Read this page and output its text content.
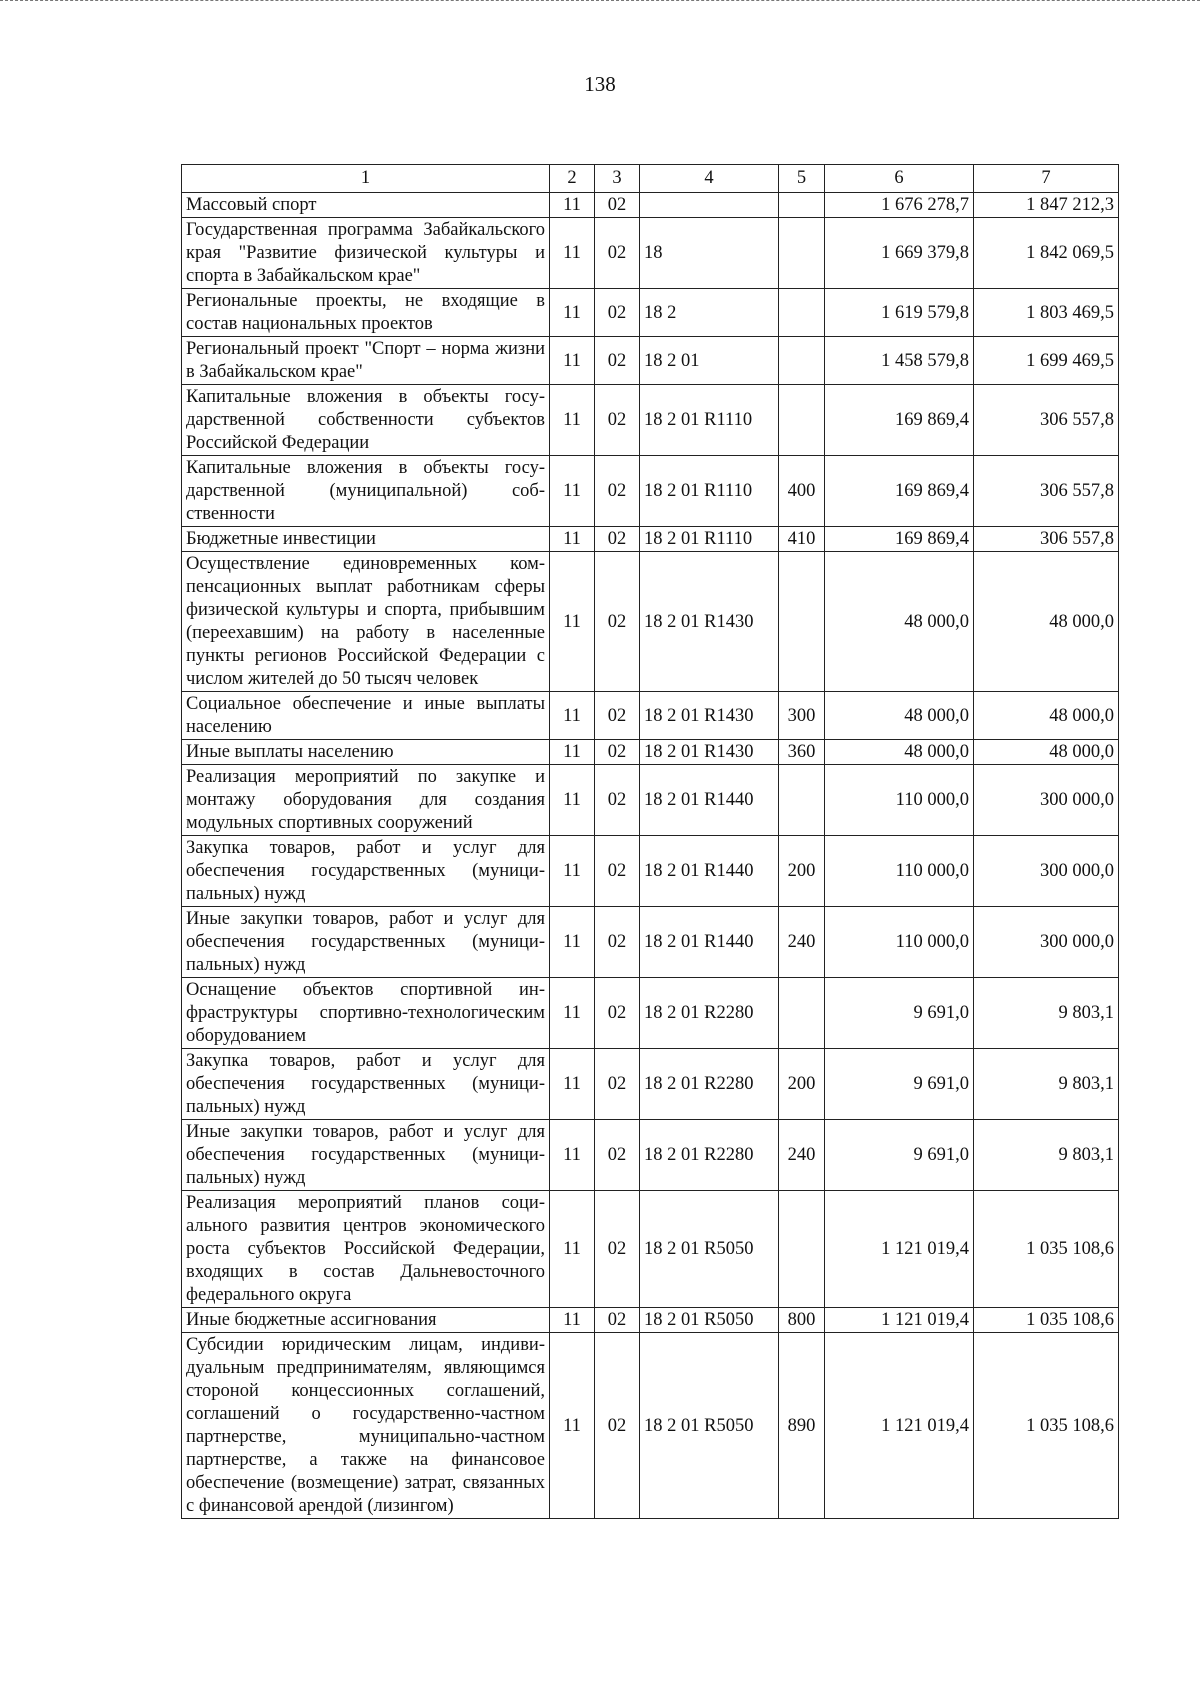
138
1	2	3	4	5	6	7
Массовый спорт	11	02			1 676 278,7	1 847 212,3
Государственная программа Забайкальского края "Развитие физической культуры и спорта в Забайкальском крае"	11	02	18		1 669 379,8	1 842 069,5
Региональные проекты, не входящие в состав национальных проектов	11	02	18 2		1 619 579,8	1 803 469,5
Региональный проект "Спорт – норма жизни в Забайкальском крае"	11	02	18 2 01		1 458 579,8	1 699 469,5
Капитальные вложения в объекты государственной собственности субъектов Российской Федерации	11	02	18 2 01 R1110		169 869,4	306 557,8
Капитальные вложения в объекты государственной (муниципальной) собственности	11	02	18 2 01 R1110	400	169 869,4	306 557,8
Бюджетные инвестиции	11	02	18 2 01 R1110	410	169 869,4	306 557,8
Осуществление единовременных компенсационных выплат работникам сферы физической культуры и спорта, прибывшим (переехавшим) на работу в населенные пункты регионов Российской Федерации с числом жителей до 50 тысяч человек	11	02	18 2 01 R1430		48 000,0	48 000,0
Социальное обеспечение и иные выплаты населению	11	02	18 2 01 R1430	300	48 000,0	48 000,0
Иные выплаты населению	11	02	18 2 01 R1430	360	48 000,0	48 000,0
Реализация мероприятий по закупке и монтажу оборудования для создания модульных спортивных сооружений	11	02	18 2 01 R1440		110 000,0	300 000,0
Закупка товаров, работ и услуг для обеспечения государственных (муниципальных) нужд	11	02	18 2 01 R1440	200	110 000,0	300 000,0
Иные закупки товаров, работ и услуг для обеспечения государственных (муниципальных) нужд	11	02	18 2 01 R1440	240	110 000,0	300 000,0
Оснащение объектов спортивной инфраструктуры спортивно-технологическим оборудованием	11	02	18 2 01 R2280		9 691,0	9 803,1
Закупка товаров, работ и услуг для обеспечения государственных (муниципальных) нужд	11	02	18 2 01 R2280	200	9 691,0	9 803,1
Иные закупки товаров, работ и услуг для обеспечения государственных (муниципальных) нужд	11	02	18 2 01 R2280	240	9 691,0	9 803,1
Реализация мероприятий планов социального развития центров экономического роста субъектов Российской Федерации, входящих в состав Дальневосточного федерального округа	11	02	18 2 01 R5050		1 121 019,4	1 035 108,6
Иные бюджетные ассигнования	11	02	18 2 01 R5050	800	1 121 019,4	1 035 108,6
Субсидии юридическим лицам, индивидуальным предпринимателям, являющимся стороной концессионных соглашений, соглашений о государственно-частном партнерстве, муниципально-частном партнерстве, а также на финансовое обеспечение (возмещение) затрат, связанных с финансовой арендой (лизингом)	11	02	18 2 01 R5050	890	1 121 019,4	1 035 108,6
